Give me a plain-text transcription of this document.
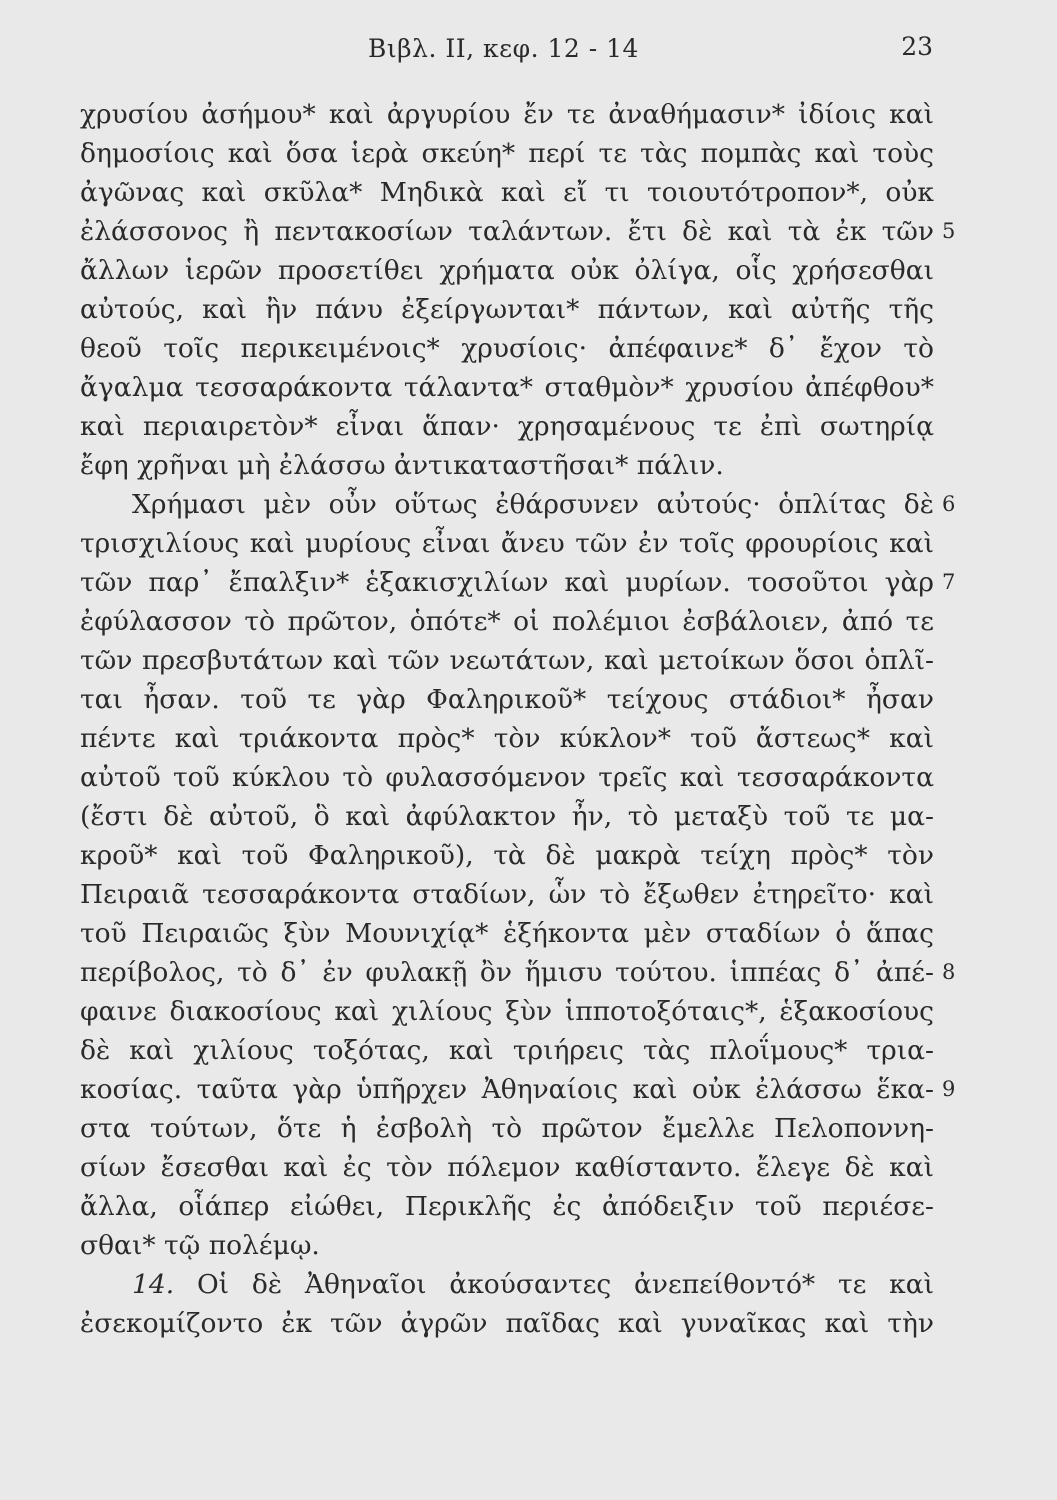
Βιβλ. ΙΙ, κεφ. 12 - 14	23
χρυσίου ἀσήμου* καὶ ἀργυρίου ἔν τε ἀναθήμασιν* ἰδίοις καὶ
δημοσίοις καὶ ὅσα ἱερὰ σκεύη* περί τε τὰς πομπὰς καὶ τοὺς
ἀγῶνας καὶ σκῦλα* Μηδικὰ καὶ εἴ τι τοιουτότροπον*, οὐκ
ἐλάσσονος ἢ πεντακοσίων ταλάντων. ἔτι δὲ καὶ τὰ ἐκ τῶν 5
ἄλλων ἱερῶν προσετίθει χρήματα οὐκ ὀλίγα, οἷς χρήσεσθαι
αὐτούς, καὶ ἢν πάνυ ἐξείργωνται* πάντων, καὶ αὐτῆς τῆς
θεοῦ τοῖς περικειμένοις* χρυσίοις· ἀπέφαινε* δ᾽ ἔχον τὸ
ἄγαλμα τεσσαράκοντα τάλαντα* σταθμὸν* χρυσίου ἀπέφθου*
καὶ περιαιρετὸν* εἶναι ἅπαν· χρησαμένους τε ἐπὶ σωτηρίᾳ
ἔφη χρῆναι μὴ ἐλάσσω ἀντικαταστῆσαι* πάλιν.
Χρήμασι μὲν οὖν οὕτως ἐθάρσυνεν αὐτούς· ὁπλίτας δὲ 6
τρισχιλίους καὶ μυρίους εἶναι ἄνευ τῶν ἐν τοῖς φρουρίοις καὶ
τῶν παρ᾽ ἔπαλξιν* ἑξακισχιλίων καὶ μυρίων. τοσοῦτοι γὰρ 7
ἐφύλασσον τὸ πρῶτον, ὁπότε* οἱ πολέμιοι ἐσβάλοιεν, ἀπό τε
τῶν πρεσβυτάτων καὶ τῶν νεωτάτων, καὶ μετοίκων ὅσοι ὁπλῖ-
ται ἦσαν. τοῦ τε γὰρ Φαληρικοῦ* τείχους στάδιοι* ἦσαν
πέντε καὶ τριάκοντα πρὸς* τὸν κύκλον* τοῦ ἄστεως* καὶ
αὐτοῦ τοῦ κύκλου τὸ φυλασσόμενον τρεῖς καὶ τεσσαράκοντα
(ἔστι δὲ αὐτοῦ, ὃ καὶ ἀφύλακτον ἦν, τὸ μεταξὺ τοῦ τε μα-
κροῦ* καὶ τοῦ Φαληρικοῦ), τὰ δὲ μακρὰ τείχη πρὸς* τὸν
Πειραιᾶ τεσσαράκοντα σταδίων, ὧν τὸ ἔξωθεν ἐτηρεῖτο· καὶ
τοῦ Πειραιῶς ξὺν Μουνιχίᾳ* ἑξήκοντα μὲν σταδίων ὁ ἅπας
περίβολος, τὸ δ᾽ ἐν φυλακῇ ὂν ἥμισυ τούτου. ἱππέας δ᾽ ἀπέ- 8
φαινε διακοσίους καὶ χιλίους ξὺν ἱπποτοξόταις*, ἑξακοσίους
δὲ καὶ χιλίους τοξότας, καὶ τριήρεις τὰς πλοΐμους* τρια-
κοσίας. ταῦτα γὰρ ὑπῆρχεν Ἀθηναίοις καὶ οὐκ ἐλάσσω ἕκα- 9
στα τούτων, ὅτε ἡ ἐσβολὴ τὸ πρῶτον ἔμελλε Πελοποννη-
σίων ἔσεσθαι καὶ ἐς τὸν πόλεμον καθίσταντο. ἔλεγε δὲ καὶ
ἄλλα, οἷάπερ εἰώθει, Περικλῆς ἐς ἀπόδειξιν τοῦ περιέσε-
σθαι* τῷ πολέμῳ.
14. Οἱ δὲ Ἀθηναῖοι ἀκούσαντες ἀνεπείθοντό* τε καὶ
ἐσεκομίζοντο ἐκ τῶν ἀγρῶν παῖδας καὶ γυναῖκας καὶ τὴν
